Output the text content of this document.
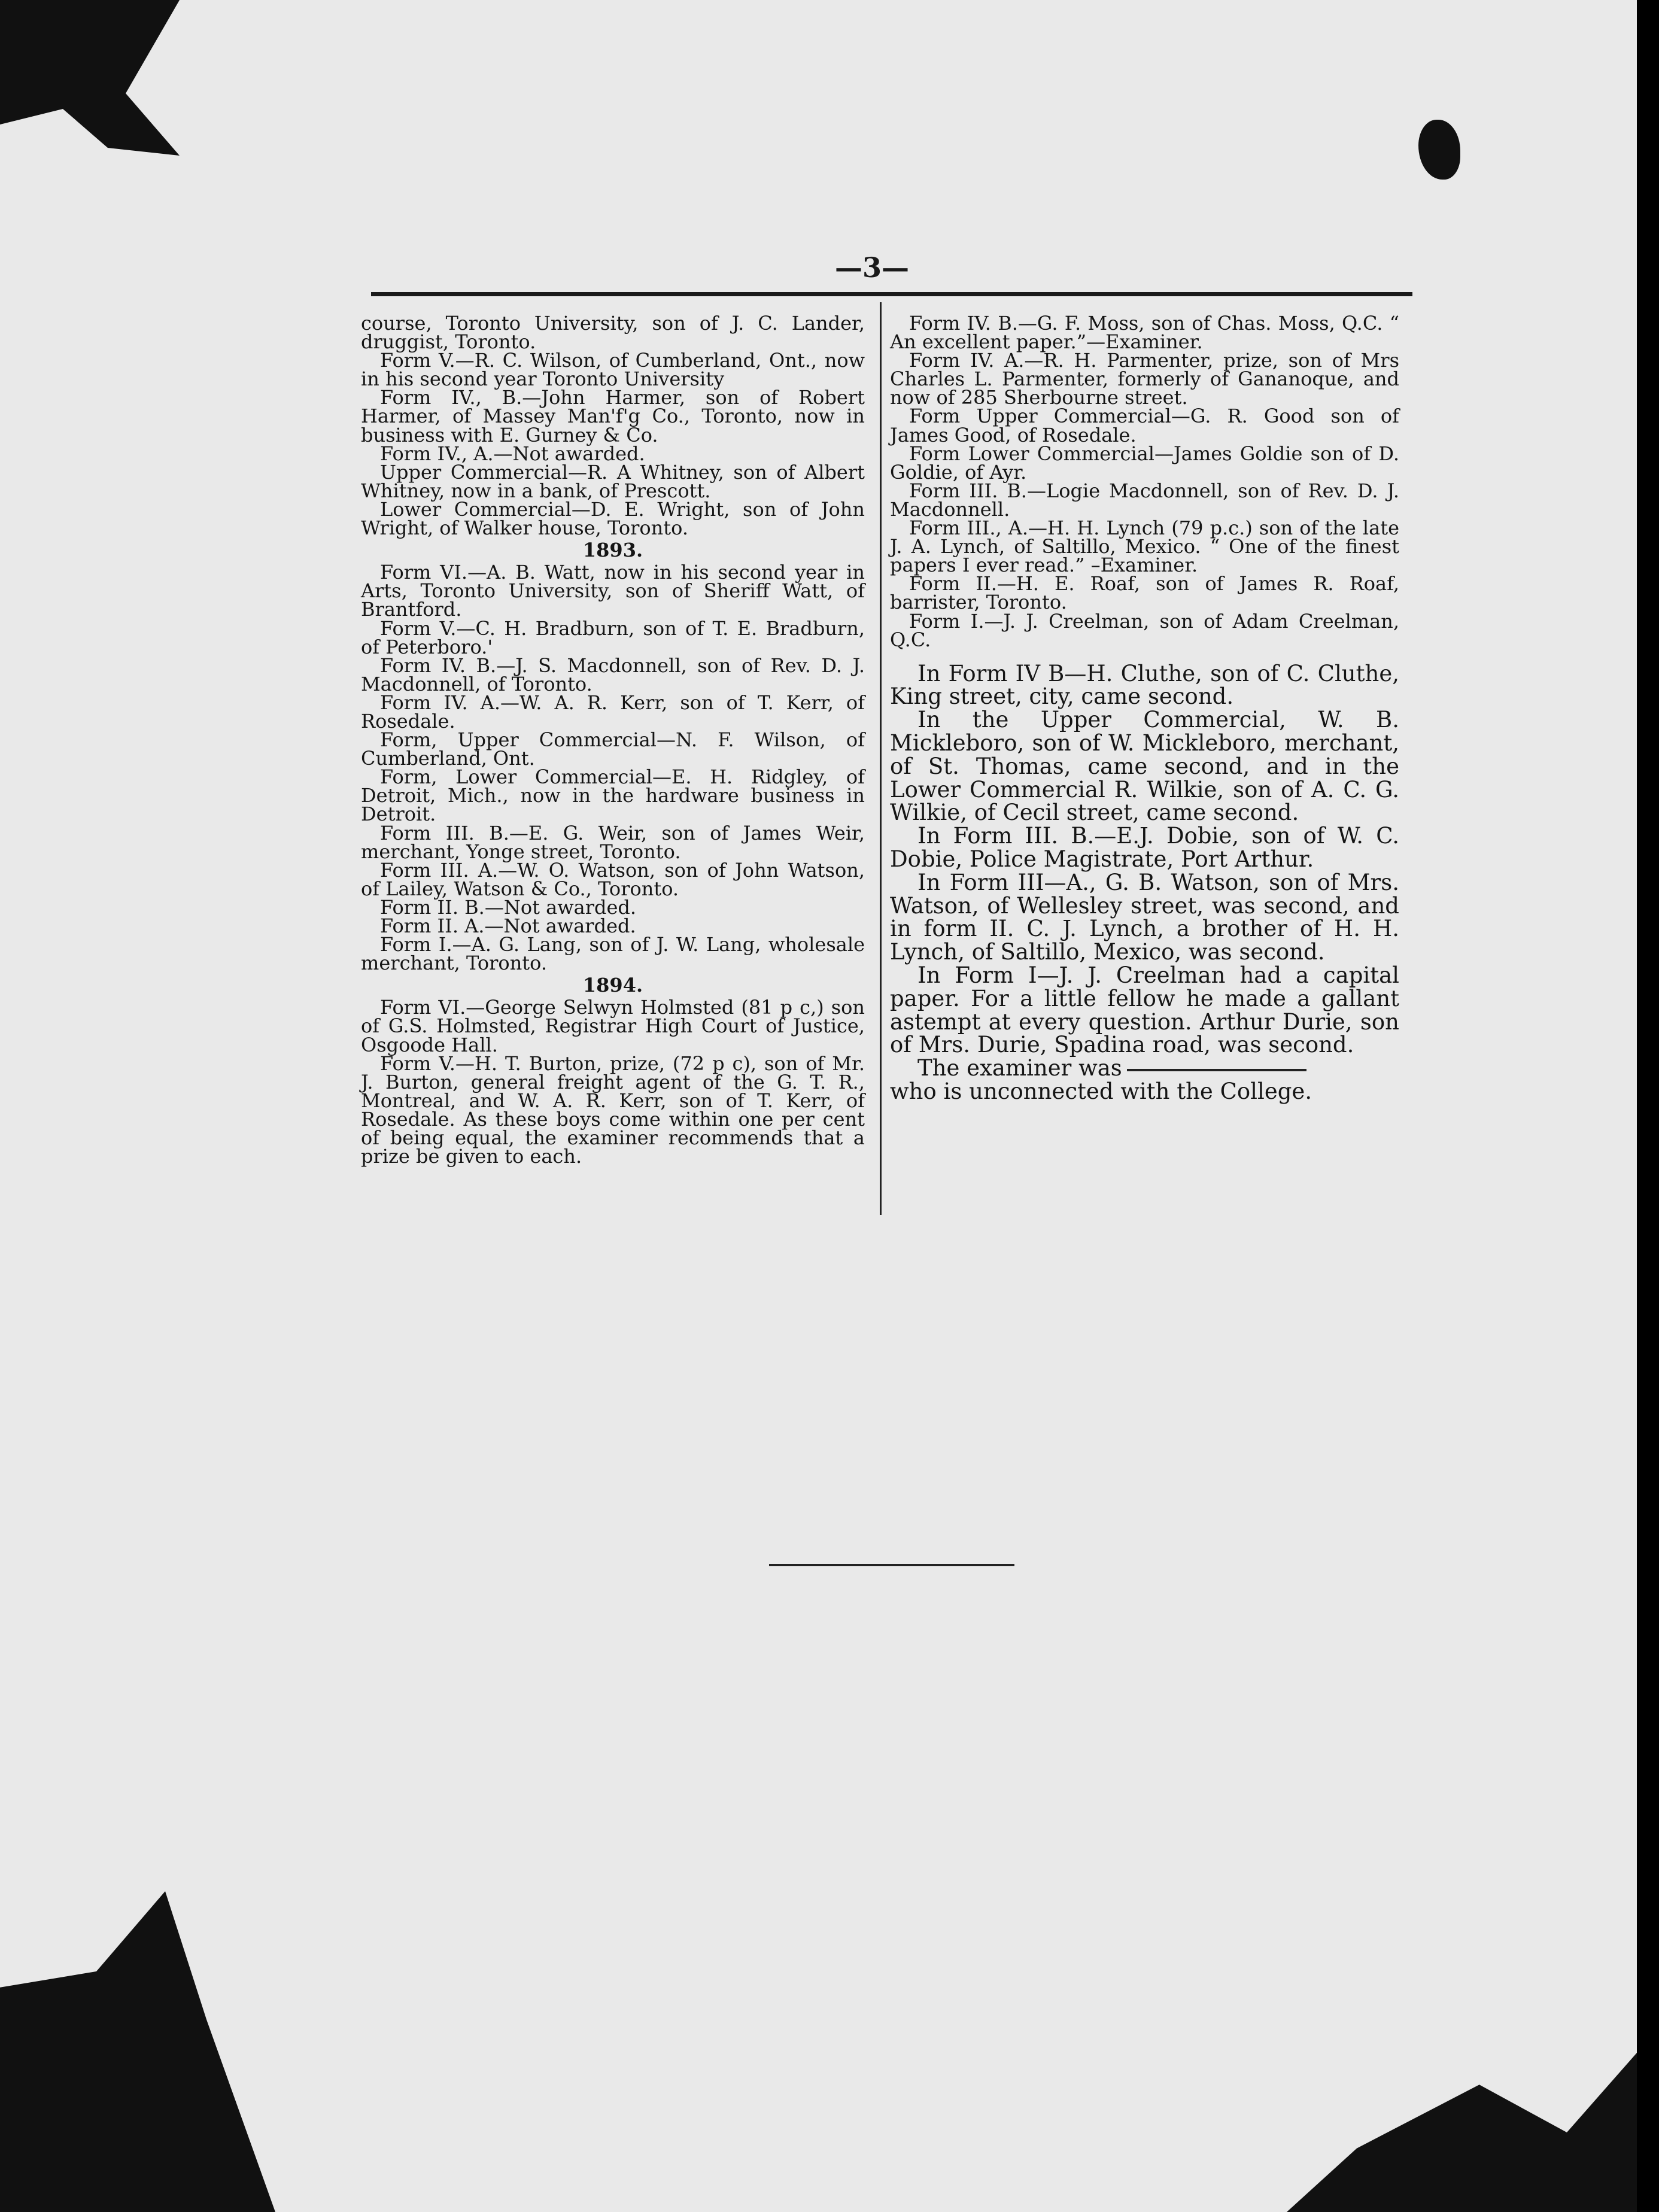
—3—

course, Toronto University, son of J. C. Lander, druggist, Toronto.

Form V.—R. C. Wilson, of Cumberland, Ont., now in his second year Toronto University

Form IV., B.—John Harmer, son of Robert Harmer, of Massey Man'f'g Co., Toronto, now in business with E. Gurney & Co.

Form IV., A.—Not awarded.

Upper Commercial—R. A Whitney, son of Albert Whitney, now in a bank, of Prescott.

Lower Commercial—D. E. Wright, son of John Wright, of Walker house, Toronto.

1893.

Form VI.—A. B. Watt, now in his second year in Arts, Toronto University, son of Sheriff Watt, of Brantford.

Form V.—C. H. Bradburn, son of T. E. Bradburn, of Peterboro.'

Form IV. B.—J. S. Macdonnell, son of Rev. D. J. Macdonnell, of Toronto.

Form IV. A.—W. A. R. Kerr, son of T. Kerr, of Rosedale.

Form, Upper Commercial—N. F. Wilson, of Cumberland, Ont.

Form, Lower Commercial—E. H. Ridgley, of Detroit, Mich., now in the hardware business in Detroit.

Form III. B.—E. G. Weir, son of James Weir, merchant, Yonge street, Toronto.

Form III. A.—W. O. Watson, son of John Watson, of Lailey, Watson & Co., Toronto.

Form II. B.—Not awarded.

Form II. A.—Not awarded.

Form I.—A. G. Lang, son of J. W. Lang, wholesale merchant, Toronto.

1894.

Form VI.—George Selwyn Holmsted (81 p c,) son of G.S. Holmsted, Registrar High Court of Justice, Osgoode Hall.

Form V.—H. T. Burton, prize, (72 p c), son of Mr. J. Burton, general freight agent of the G. T. R., Montreal, and W. A. R. Kerr, son of T. Kerr, of Rosedale. As these boys come within one per cent of being equal, the examiner recommends that a prize be given to each.

Form IV. B.—G. F. Moss, son of Chas. Moss, Q.C. “ An excellent paper.”—Examiner.

Form IV. A.—R. H. Parmenter, prize, son of Mrs Charles L. Parmenter, formerly of Gananoque, and now of 285 Sherbourne street.

Form Upper Commercial—G. R. Good son of James Good, of Rosedale.

Form Lower Commercial—James Goldie son of D. Goldie, of Ayr.

Form III. B.—Logie Macdonnell, son of Rev. D. J. Macdonnell.

Form III., A.—H. H. Lynch (79 p.c.) son of the late J. A. Lynch, of Saltillo, Mexico. “ One of the finest papers I ever read.” –Examiner.

Form II.—H. E. Roaf, son of James R. Roaf, barrister, Toronto.

Form I.—J. J. Creelman, son of Adam Creelman, Q.C.

In Form IV B—H. Cluthe, son of C. Cluthe, King street, city, came second.

In the Upper Commercial, W. B. Mickleboro, son of W. Mickleboro, merchant, of St. Thomas, came second, and in the Lower Commercial R. Wilkie, son of A. C. G. Wilkie, of Cecil street, came second.

In Form III. B.—E.J. Dobie, son of W. C. Dobie, Police Magistrate, Port Arthur.

In Form III—A., G. B. Watson, son of Mrs. Watson, of Wellesley street, was second, and in form II. C. J. Lynch, a brother of H. H. Lynch, of Saltillo, Mexico, was second.

In Form I—J. J. Creelman had a capital paper. For a little fellow he made a gallant astempt at every question. Arthur Durie, son of Mrs. Durie, Spadina road, was second.

The examiner was
who is unconnected with the College.
